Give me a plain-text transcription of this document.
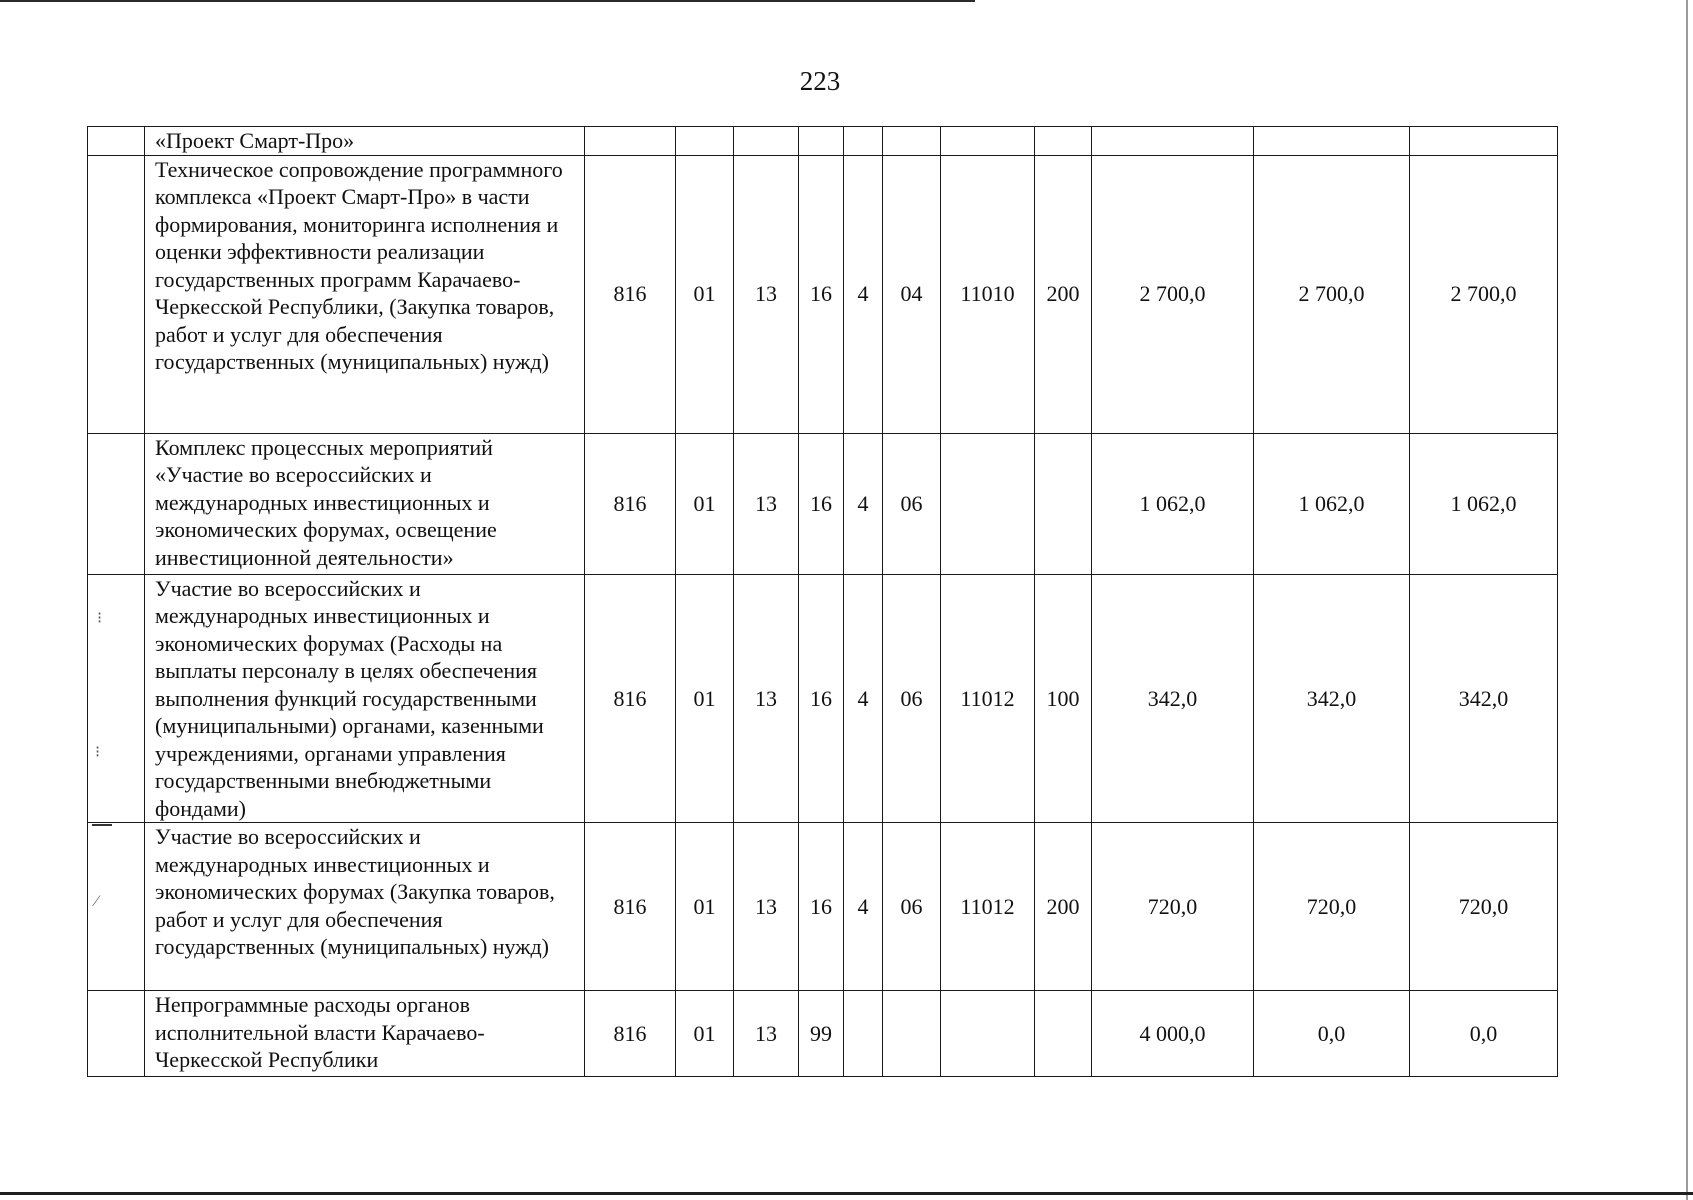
223
	«Проект Смарт-Про»											
	Техническое сопровождение программного комплекса «Проект Смарт-Про» в части формирования, мониторинга исполнения и оценки эффективности реализации государственных программ Карачаево-Черкесской Республики, (Закупка товаров, работ и услуг для обеспечения государственных (муниципальных) нужд)	816	01	13	16	4	04	11010	200	2 700,0	2 700,0	2 700,0
	Комплекс процессных мероприятий «Участие во всероссийских и международных инвестиционных и экономических форумах, освещение инвестиционной деятельности»	816	01	13	16	4	06			1 062,0	1 062,0	1 062,0
	Участие во всероссийских и международных инвестиционных и экономических форумах (Расходы на выплаты персоналу в целях обеспечения выполнения функций государственными (муниципальными) органами, казенными учреждениями, органами управления государственными внебюджетными фондами)	816	01	13	16	4	06	11012	100	342,0	342,0	342,0
	Участие во всероссийских и международных инвестиционных и экономических форумах (Закупка товаров, работ и услуг для обеспечения государственных (муниципальных) нужд)	816	01	13	16	4	06	11012	200	720,0	720,0	720,0
	Непрограммные расходы органов исполнительной власти Карачаево-Черкесской Республики	816	01	13	99					4 000,0	0,0	0,0
⁝
⁝
⁄
